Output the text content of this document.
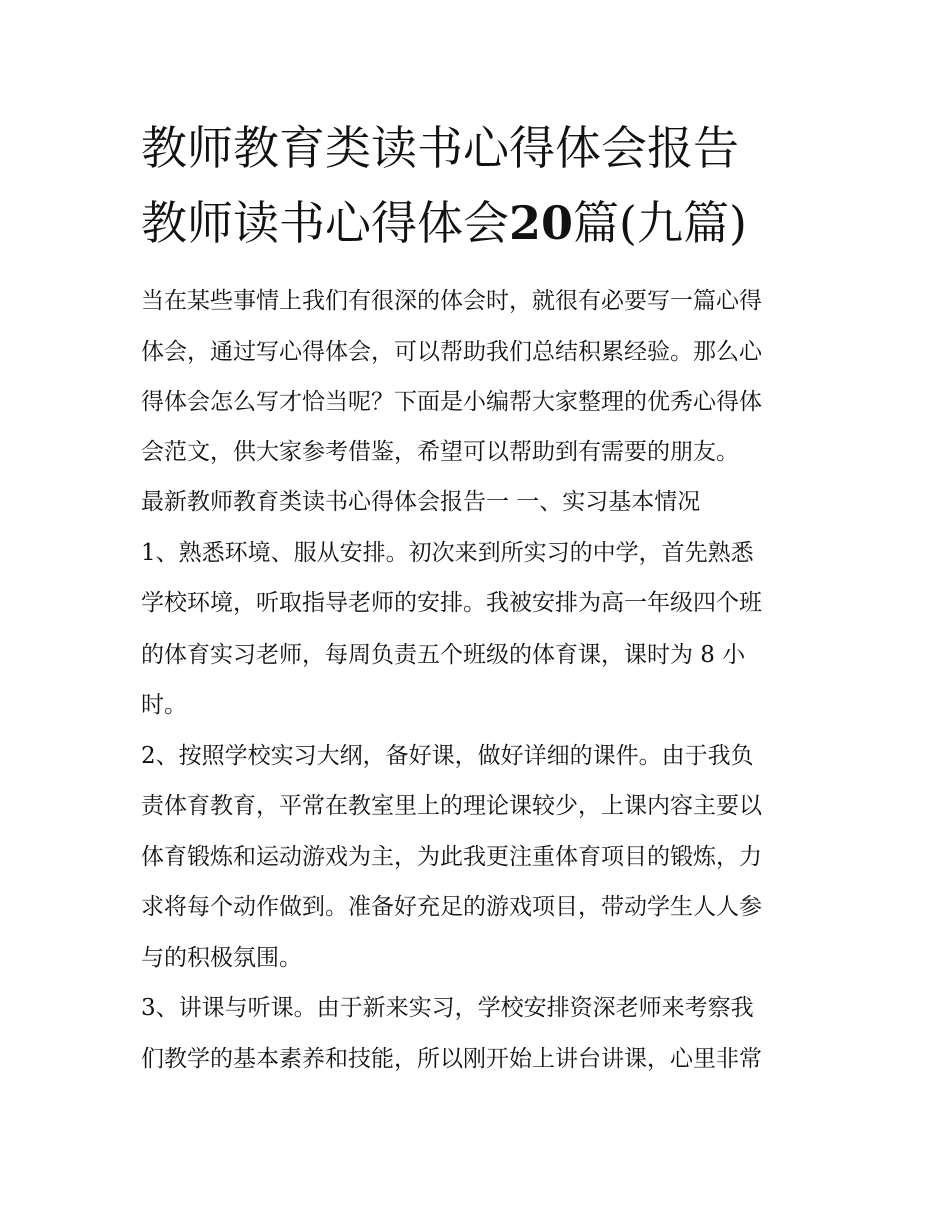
教师教育类读书心得体会报告
教师读书心得体会20篇(九篇)

当在某些事情上我们有很深的体会时，就很有必要写一篇心得

体会，通过写心得体会，可以帮助我们总结积累经验。那么心

得体会怎么写才恰当呢？下面是小编帮大家整理的优秀心得体

会范文，供大家参考借鉴，希望可以帮助到有需要的朋友。

最新教师教育类读书心得体会报告一 一、实习基本情况

1、熟悉环境、服从安排。初次来到所实习的中学，首先熟悉

学校环境，听取指导老师的安排。我被安排为高一年级四个班

的体育实习老师，每周负责五个班级的体育课，课时为 8 小

时。

2、按照学校实习大纲，备好课，做好详细的课件。由于我负

责体育教育，平常在教室里上的理论课较少，上课内容主要以

体育锻炼和运动游戏为主，为此我更注重体育项目的锻炼，力

求将每个动作做到。准备好充足的游戏项目，带动学生人人参

与的积极氛围。

3、讲课与听课。由于新来实习，学校安排资深老师来考察我

们教学的基本素养和技能，所以刚开始上讲台讲课，心里非常
